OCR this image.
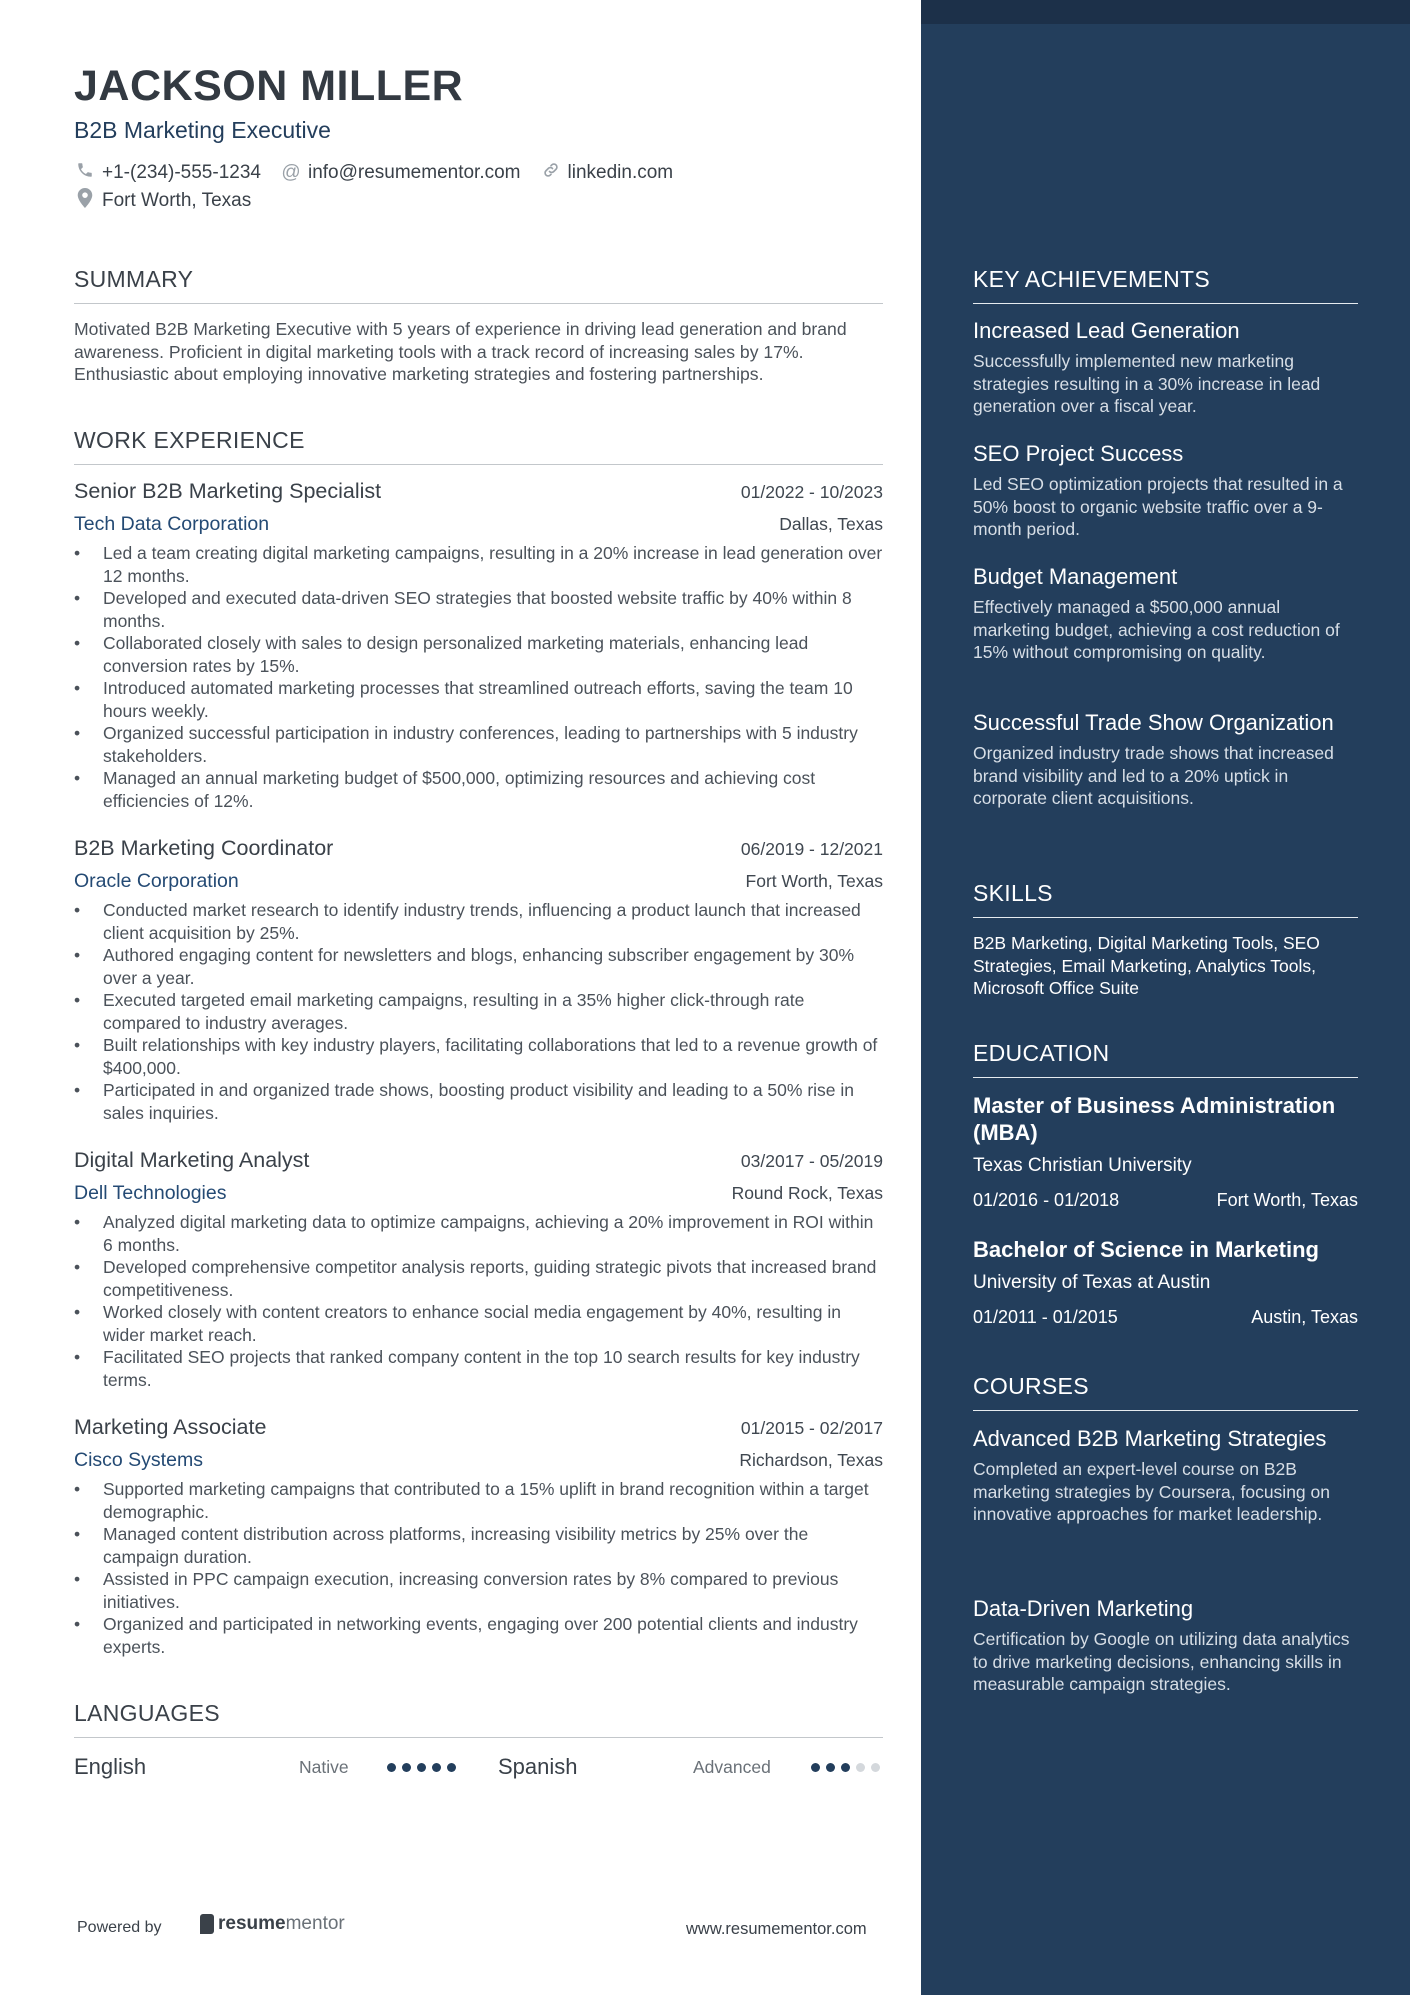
JACKSON MILLER
B2B Marketing Executive
+1-(234)-555-1234 @ info@resumementor.com linkedin.com
Fort Worth, Texas
SUMMARY
Motivated B2B Marketing Executive with 5 years of experience in driving lead generation and brand awareness. Proficient in digital marketing tools with a track record of increasing sales by 17%. Enthusiastic about employing innovative marketing strategies and fostering partnerships.
WORK EXPERIENCE
Senior B2B Marketing Specialist	01/2022 - 10/2023
Tech Data Corporation	Dallas, Texas
• Led a team creating digital marketing campaigns, resulting in a 20% increase in lead generation over 12 months.
• Developed and executed data-driven SEO strategies that boosted website traffic by 40% within 8 months.
• Collaborated closely with sales to design personalized marketing materials, enhancing lead conversion rates by 15%.
• Introduced automated marketing processes that streamlined outreach efforts, saving the team 10 hours weekly.
• Organized successful participation in industry conferences, leading to partnerships with 5 industry stakeholders.
• Managed an annual marketing budget of $500,000, optimizing resources and achieving cost efficiencies of 12%.
B2B Marketing Coordinator	06/2019 - 12/2021
Oracle Corporation	Fort Worth, Texas
• Conducted market research to identify industry trends, influencing a product launch that increased client acquisition by 25%.
• Authored engaging content for newsletters and blogs, enhancing subscriber engagement by 30% over a year.
• Executed targeted email marketing campaigns, resulting in a 35% higher click-through rate compared to industry averages.
• Built relationships with key industry players, facilitating collaborations that led to a revenue growth of $400,000.
• Participated in and organized trade shows, boosting product visibility and leading to a 50% rise in sales inquiries.
Digital Marketing Analyst	03/2017 - 05/2019
Dell Technologies	Round Rock, Texas
• Analyzed digital marketing data to optimize campaigns, achieving a 20% improvement in ROI within 6 months.
• Developed comprehensive competitor analysis reports, guiding strategic pivots that increased brand competitiveness.
• Worked closely with content creators to enhance social media engagement by 40%, resulting in wider market reach.
• Facilitated SEO projects that ranked company content in the top 10 search results for key industry terms.
Marketing Associate	01/2015 - 02/2017
Cisco Systems	Richardson, Texas
• Supported marketing campaigns that contributed to a 15% uplift in brand recognition within a target demographic.
• Managed content distribution across platforms, increasing visibility metrics by 25% over the campaign duration.
• Assisted in PPC campaign execution, increasing conversion rates by 8% compared to previous initiatives.
• Organized and participated in networking events, engaging over 200 potential clients and industry experts.
LANGUAGES
English	Native	Spanish	Advanced
Powered by	resume mentor	www.resumementor.com
KEY ACHIEVEMENTS
Increased Lead Generation
Successfully implemented new marketing strategies resulting in a 30% increase in lead generation over a fiscal year.
SEO Project Success
Led SEO optimization projects that resulted in a 50% boost to organic website traffic over a 9-month period.
Budget Management
Effectively managed a $500,000 annual marketing budget, achieving a cost reduction of 15% without compromising on quality.
Successful Trade Show Organization
Organized industry trade shows that increased brand visibility and led to a 20% uptick in corporate client acquisitions.
SKILLS
B2B Marketing, Digital Marketing Tools, SEO Strategies, Email Marketing, Analytics Tools, Microsoft Office Suite
EDUCATION
Master of Business Administration (MBA)
Texas Christian University
01/2016 - 01/2018	Fort Worth, Texas
Bachelor of Science in Marketing
University of Texas at Austin
01/2011 - 01/2015	Austin, Texas
COURSES
Advanced B2B Marketing Strategies
Completed an expert-level course on B2B marketing strategies by Coursera, focusing on innovative approaches for market leadership.
Data-Driven Marketing
Certification by Google on utilizing data analytics to drive marketing decisions, enhancing skills in measurable campaign strategies.
